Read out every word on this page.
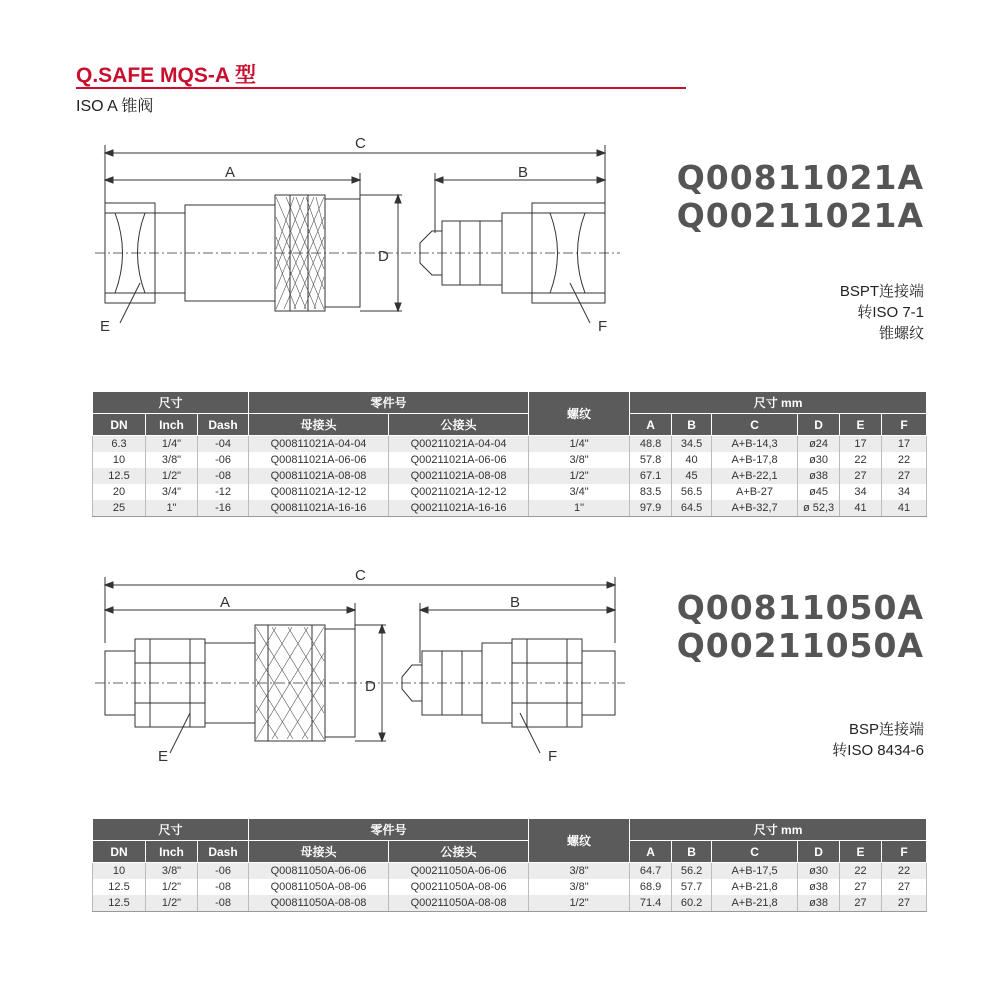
Q.SAFE MQS-A 型
ISO A 锥阀
Q00811021A
Q00211021A
BSPT连接端
转ISO 7-1
锥螺纹
C
A	B
D
E	F
尺寸			零件号		螺纹	尺寸 mm					
DN	Inch	Dash	母接头	公接头		A	B	C	D	E	F
6.3	1/4"	-04	Q00811021A-04-04	Q00211021A-04-04	1/4"	48.8	34.5	A+B-14,3	ø24	17	17
10	3/8"	-06	Q00811021A-06-06	Q00211021A-06-06	3/8"	57.8	40	A+B-17,8	ø30	22	22
12.5	1/2"	-08	Q00811021A-08-08	Q00211021A-08-08	1/2"	67.1	45	A+B-22,1	ø38	27	27
20	3/4"	-12	Q00811021A-12-12	Q00211021A-12-12	3/4"	83.5	56.5	A+B-27	ø45	34	34
25	1"	-16	Q00811021A-16-16	Q00211021A-16-16	1"	97.9	64.5	A+B-32,7	ø 52,3	41	41
Q00811050A
Q00211050A
BSP连接端
转ISO 8434-6
C
A	B
D
E	F
尺寸			零件号		螺纹	尺寸 mm					
DN	Inch	Dash	母接头	公接头		A	B	C	D	E	F
10	3/8"	-06	Q00811050A-06-06	Q00211050A-06-06	3/8"	64.7	56.2	A+B-17,5	ø30	22	22
12.5	1/2"	-08	Q00811050A-08-06	Q00211050A-08-06	3/8"	68.9	57.7	A+B-21,8	ø38	27	27
12.5	1/2"	-08	Q00811050A-08-08	Q00211050A-08-08	1/2"	71.4	60.2	A+B-21,8	ø38	27	27
